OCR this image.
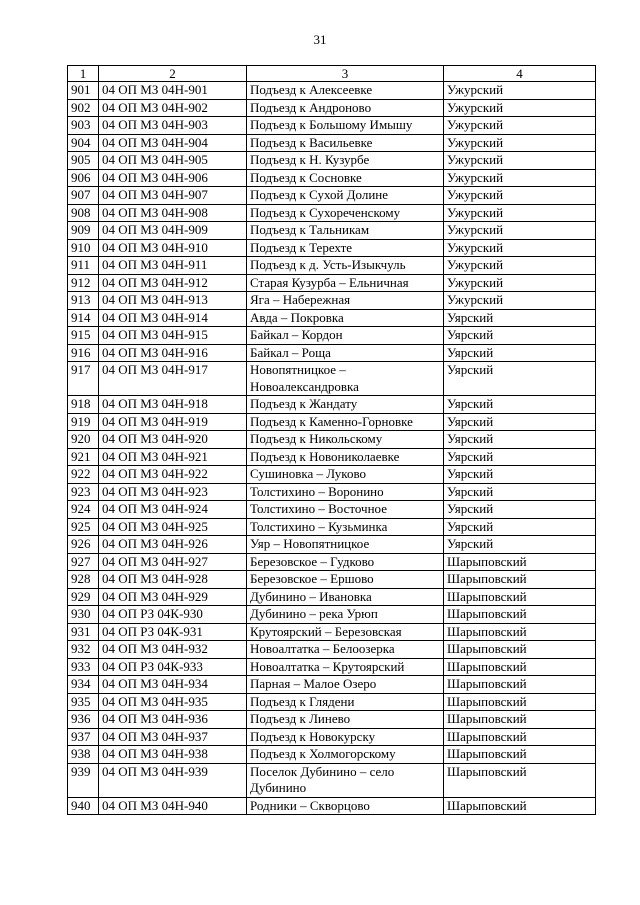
31
1	2	3	4
901	04 ОП МЗ 04Н-901	Подъезд к Алексеевке	Ужурский
902	04 ОП МЗ 04Н-902	Подъезд к Андроново	Ужурский
903	04 ОП МЗ 04Н-903	Подъезд к Большому Имышу	Ужурский
904	04 ОП МЗ 04Н-904	Подъезд к Васильевке	Ужурский
905	04 ОП МЗ 04Н-905	Подъезд к Н. Кузурбе	Ужурский
906	04 ОП МЗ 04Н-906	Подъезд к Сосновке	Ужурский
907	04 ОП МЗ 04Н-907	Подъезд к Сухой Долине	Ужурский
908	04 ОП МЗ 04Н-908	Подъезд к Сухореченскому	Ужурский
909	04 ОП МЗ 04Н-909	Подъезд к Тальникам	Ужурский
910	04 ОП МЗ 04Н-910	Подъезд к Терехте	Ужурский
911	04 ОП МЗ 04Н-911	Подъезд к д. Усть-Изыкчуль	Ужурский
912	04 ОП МЗ 04Н-912	Старая Кузурба – Ельничная	Ужурский
913	04 ОП МЗ 04Н-913	Яга – Набережная	Ужурский
914	04 ОП МЗ 04Н-914	Авда – Покровка	Уярский
915	04 ОП МЗ 04Н-915	Байкал – Кордон	Уярский
916	04 ОП МЗ 04Н-916	Байкал – Роща	Уярский
917	04 ОП МЗ 04Н-917	Новопятницкое – Новоалександровка	Уярский
918	04 ОП МЗ 04Н-918	Подъезд к Жандату	Уярский
919	04 ОП МЗ 04Н-919	Подъезд к Каменно-Горновке	Уярский
920	04 ОП МЗ 04Н-920	Подъезд к Никольскому	Уярский
921	04 ОП МЗ 04Н-921	Подъезд к Новониколаевке	Уярский
922	04 ОП МЗ 04Н-922	Сушиновка – Луково	Уярский
923	04 ОП МЗ 04Н-923	Толстихино – Воронино	Уярский
924	04 ОП МЗ 04Н-924	Толстихино – Восточное	Уярский
925	04 ОП МЗ 04Н-925	Толстихино – Кузьминка	Уярский
926	04 ОП МЗ 04Н-926	Уяр – Новопятницкое	Уярский
927	04 ОП МЗ 04Н-927	Березовское – Гудково	Шарыповский
928	04 ОП МЗ 04Н-928	Березовское – Ершово	Шарыповский
929	04 ОП МЗ 04Н-929	Дубинино – Ивановка	Шарыповский
930	04 ОП РЗ 04К-930	Дубинино – река Урюп	Шарыповский
931	04 ОП РЗ 04К-931	Крутоярский – Березовская	Шарыповский
932	04 ОП МЗ 04Н-932	Новоалтатка – Белоозерка	Шарыповский
933	04 ОП РЗ 04К-933	Новоалтатка – Крутоярский	Шарыповский
934	04 ОП МЗ 04Н-934	Парная – Малое Озеро	Шарыповский
935	04 ОП МЗ 04Н-935	Подъезд к Глядени	Шарыповский
936	04 ОП МЗ 04Н-936	Подъезд к Линево	Шарыповский
937	04 ОП МЗ 04Н-937	Подъезд к Новокурску	Шарыповский
938	04 ОП МЗ 04Н-938	Подъезд к Холмогорскому	Шарыповский
939	04 ОП МЗ 04Н-939	Поселок Дубинино – село Дубинино	Шарыповский
940	04 ОП МЗ 04Н-940	Родники – Скворцово	Шарыповский
